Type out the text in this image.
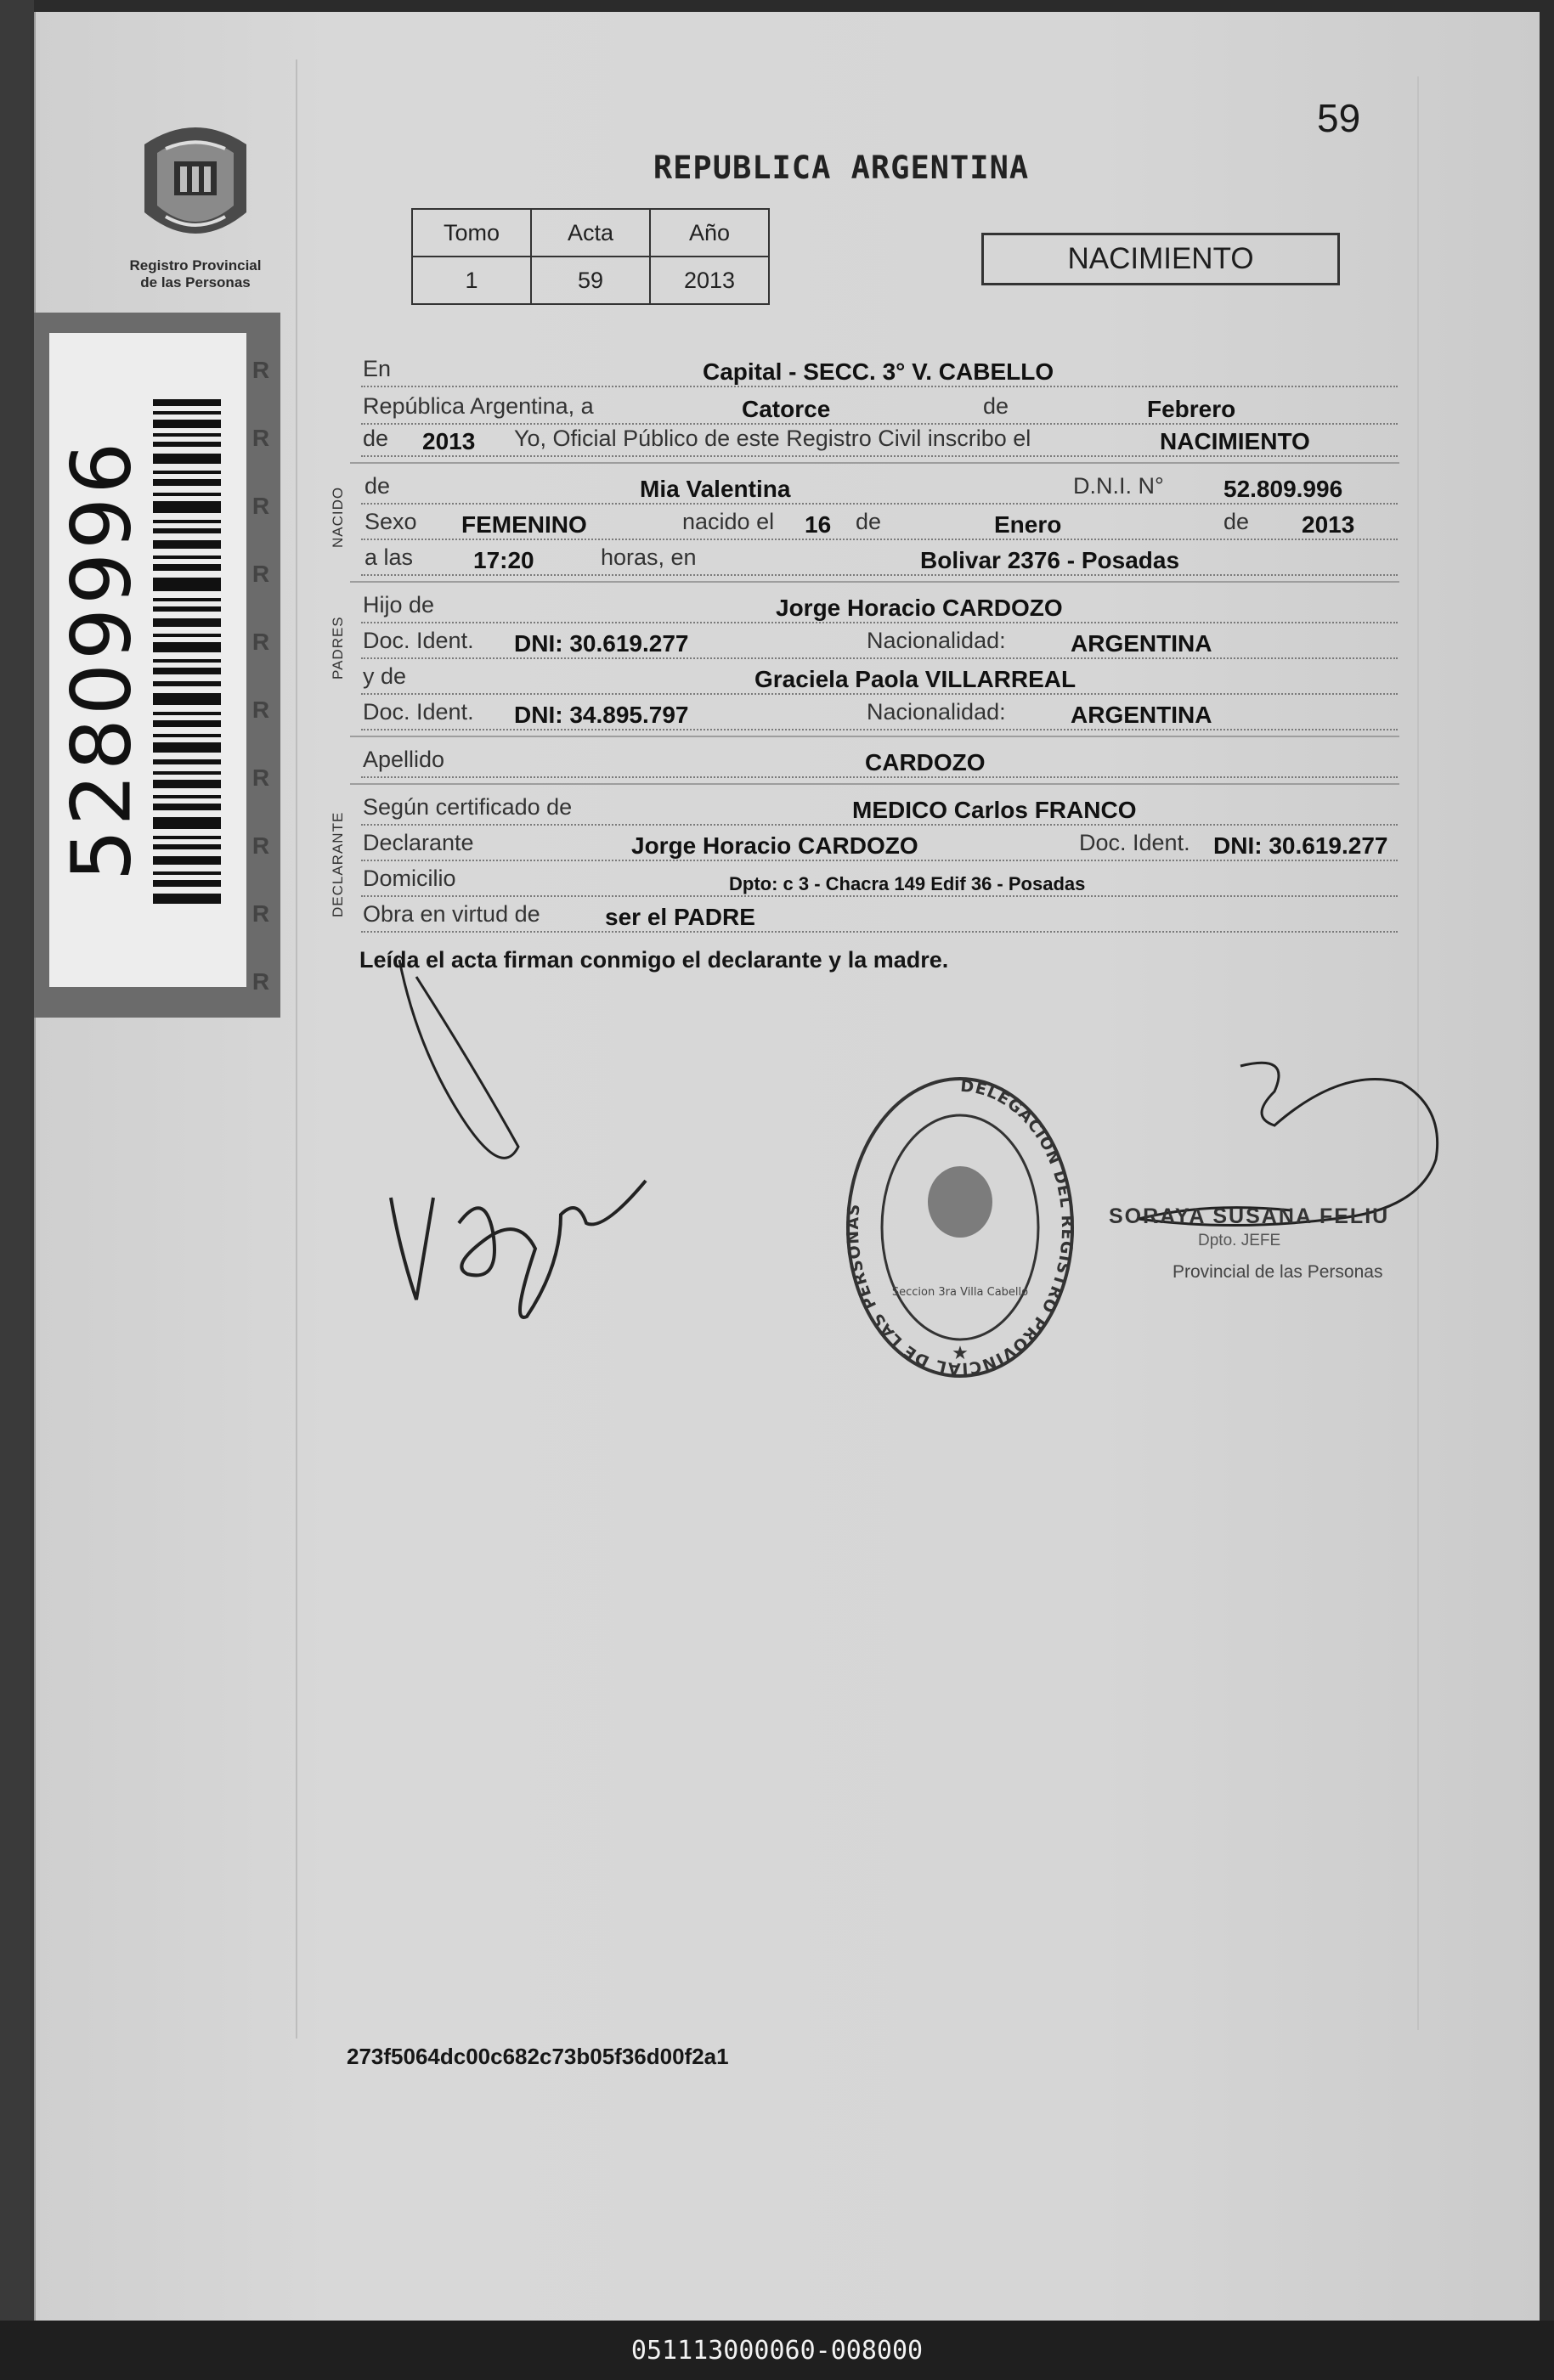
Registro Provincial
de las Personas
52809996
R
R
R
R
R
R
R
R
R
R
59
REPUBLICA ARGENTINA
Tomo	Acta	Año
1	59	2013
NACIMIENTO
NACIDO
PADRES
DECLARANTE
En	Capital - SECC. 3° V. CABELLO
República Argentina, a	Catorce	de	Febrero
de 2013 Yo, Oficial Público de este Registro Civil inscribo el	NACIMIENTO
de	Mia Valentina	D.N.I. N°	52.809.996
Sexo FEMENINO	nacido el 16 de	Enero	de 2013
a las	17:20	horas, en	Bolivar 2376 - Posadas
Hijo de	Jorge Horacio CARDOZO
Doc. Ident. DNI: 30.619.277	Nacionalidad:	ARGENTINA
y de	Graciela Paola VILLARREAL
Doc. Ident. DNI: 34.895.797	Nacionalidad:	ARGENTINA
Apellido	CARDOZO
Según certificado de	MEDICO Carlos FRANCO
Declarante	Jorge Horacio CARDOZO	Doc. Ident. DNI: 30.619.277
Domicilio	Dpto: c 3 - Chacra 149 Edif 36 - Posadas
Obra en virtud de	ser el PADRE
Leída el acta firman conmigo el declarante y la madre.
SORAYA SUSANA FELIU
Dpto. JEFE
Provincial de las Personas
DELEGACION DEL REGISTRO PROVINCIAL DE LAS PERSONAS
Seccion 3ra Villa Cabello
★
273f5064dc00c682c73b05f36d00f2a1
051113000060-008000
